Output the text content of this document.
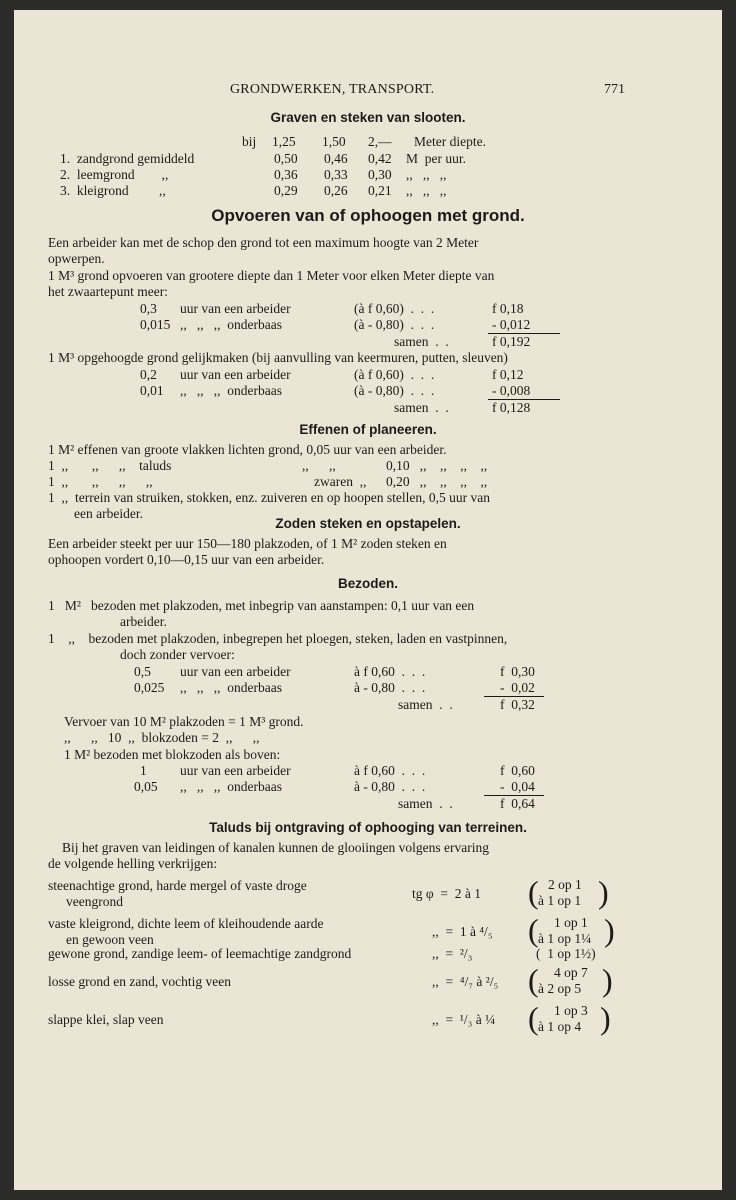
GRONDWERKEN, TRANSPORT.	771
Graven en steken van slooten.
bij 1,25 1,50 2,— Meter diepte.
1.  zandgrond gemiddeld	0,50 0,46 0,42 M  per uur.
2.  leemgrond        ,,	0,36 0,33 0,30 ,,   ,,   ,,
3.  kleigrond         ,,	0,29 0,26 0,21 ,,   ,,   ,,
Opvoeren van of ophoogen met grond.
Een arbeider kan met de schop den grond tot een maximum hoogte van 2 Meter
opwerpen.
1 M³ grond opvoeren van grootere diepte dan 1 Meter voor elken Meter diepte van
het zwaartepunt meer:
0,3 uur van een arbeider	(à f 0,60)  .  .  .	f 0,18
0,015 ,,   ,,   ,,  onderbaas	(à - 0,80)  .  .  .	- 0,012
samen  .  .	f 0,192
1 M³ opgehoogde grond gelijkmaken (bij aanvulling van keermuren, putten, sleuven)
0,2 uur van een arbeider	(à f 0,60)  .  .  .	f 0,12
0,01 ,,   ,,   ,,  onderbaas	(à - 0,80)  .  .  .	- 0,008
samen  .  .	f 0,128
Effenen of planeeren.
1 M² effenen van groote vlakken lichten grond, 0,05 uur van een arbeider.
1  ,,       ,,      ,,    taluds	,,      ,,	0,10   ,,    ,,    ,,    ,,
1  ,,       ,,      ,,      ,,	zwaren  ,, 0,20   ,,    ,,    ,,    ,,
1  ,,  terrein van struiken, stokken, enz. zuiveren en op hoopen stellen, 0,5 uur van
een arbeider.
Zoden steken en opstapelen.
Een arbeider steekt per uur 150—180 plakzoden, of 1 M² zoden steken en
ophoopen vordert 0,10—0,15 uur van een arbeider.
Bezoden.
1   M²   bezoden met plakzoden, met inbegrip van aanstampen: 0,1 uur van een
arbeider.
1    ,,    bezoden met plakzoden, inbegrepen het ploegen, steken, laden en vastpinnen,
doch zonder vervoer:
0,5 uur van een arbeider	à f 0,60  .  .  .	f  0,30
0,025 ,,   ,,   ,,  onderbaas	à - 0,80  .  .  .	-  0,02
samen  .  .	f  0,32
Vervoer van 10 M² plakzoden = 1 M³ grond.
,,      ,,   10  ,,  blokzoden = 2  ,,      ,,
1 M² bezoden met blokzoden als boven:
1 uur van een arbeider	à f 0,60  .  .  .	f  0,60
0,05 ,,   ,,   ,,  onderbaas	à - 0,80  .  .  .	-  0,04
samen  .  .	f  0,64
Taluds bij ontgraving of ophooging van terreinen.
Bij het graven van leidingen of kanalen kunnen de glooiingen volgens ervaring
de volgende helling verkrijgen:
steenachtige grond, harde mergel of vaste droge
veengrond
tg φ  =  2 à 1 ( 2 op 1
à 1 op 1 )
vaste kleigrond, dichte leem of kleihoudende aarde
en gewoon veen
,,  =  1 à ⁴/₅ ( 1 op 1
à 1 op 1¼ )
gewone grond, zandige leem- of leemachtige zandgrond	,,  =  ²/₃	(  1 op 1½)
losse grond en zand, vochtig veen	,,  =  ⁴/₇ à ²/₅ ( 4 op 7
à 2 op 5 )
slappe klei, slap veen	,,  =  ¹/₃ à ¼ ( 1 op 3
à 1 op 4 )
